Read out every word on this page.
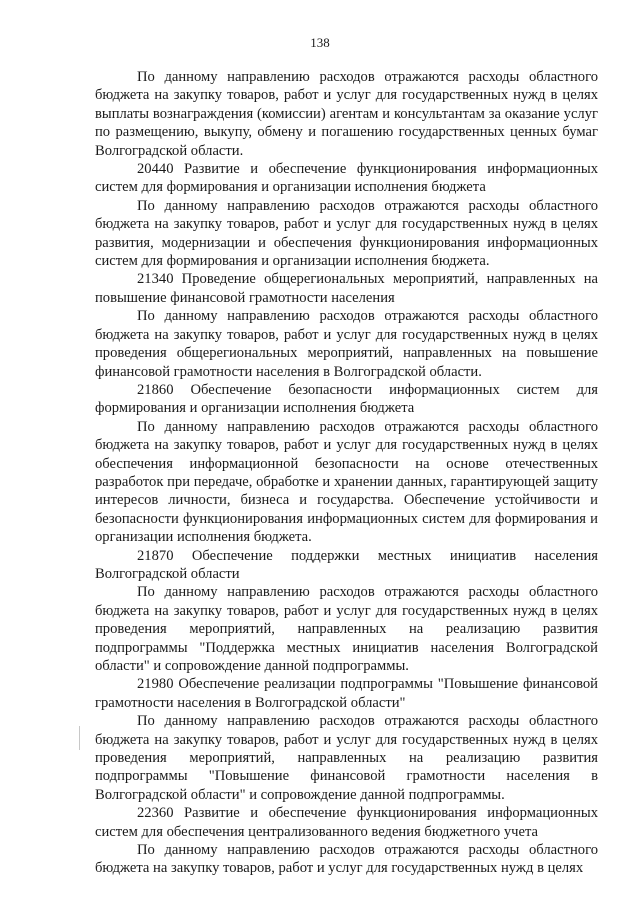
138

По данному направлению расходов отражаются расходы областного бюджета на закупку товаров, работ и услуг для государственных нужд в целях выплаты вознаграждения (комиссии) агентам и консультантам за оказание услуг по размещению, выкупу, обмену и погашению государственных ценных бумаг Волгоградской области.

20440 Развитие и обеспечение функционирования информационных систем для формирования и организации исполнения бюджета

По данному направлению расходов отражаются расходы областного бюджета на закупку товаров, работ и услуг для государственных нужд в целях развития, модернизации и обеспечения функционирования информационных систем для формирования и организации исполнения бюджета.

21340 Проведение общерегиональных мероприятий, направленных на повышение финансовой грамотности населения

По данному направлению расходов отражаются расходы областного бюджета на закупку товаров, работ и услуг для государственных нужд в целях проведения общерегиональных мероприятий, направленных на повышение финансовой грамотности населения в Волгоградской области.

21860 Обеспечение безопасности информационных систем для формирования и организации исполнения бюджета

По данному направлению расходов отражаются расходы областного бюджета на закупку товаров, работ и услуг для государственных нужд в целях обеспечения информационной безопасности на основе отечественных разработок при передаче, обработке и хранении данных, гарантирующей защиту интересов личности, бизнеса и государства. Обеспечение устойчивости и безопасности функционирования информационных систем для формирования и организации исполнения бюджета.

21870 Обеспечение поддержки местных инициатив населения Волгоградской области

По данному направлению расходов отражаются расходы областного бюджета на закупку товаров, работ и услуг для государственных нужд в целях проведения мероприятий, направленных на реализацию развития подпрограммы "Поддержка местных инициатив населения Волгоградской области" и сопровождение данной подпрограммы.

21980 Обеспечение реализации подпрограммы "Повышение финансовой грамотности населения в Волгоградской области"

По данному направлению расходов отражаются расходы областного бюджета на закупку товаров, работ и услуг для государственных нужд в целях проведения мероприятий, направленных на реализацию развития подпрограммы "Повышение финансовой грамотности населения в Волгоградской области" и сопровождение данной подпрограммы.

22360 Развитие и обеспечение функционирования информационных систем для обеспечения централизованного ведения бюджетного учета

По данному направлению расходов отражаются расходы областного бюджета на закупку товаров, работ и услуг для государственных нужд в целях
